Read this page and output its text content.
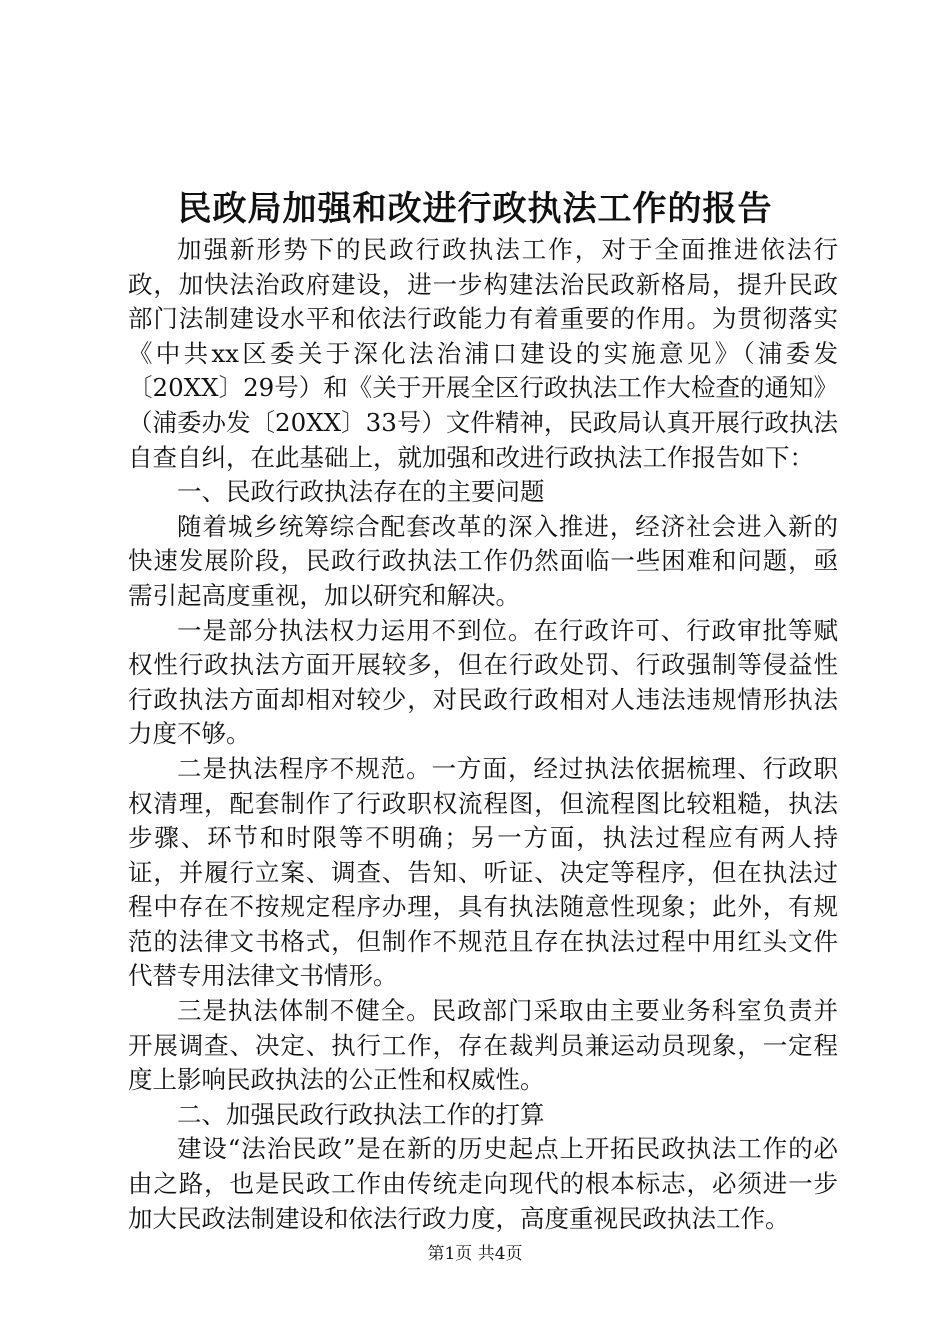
民政局加强和改进行政执法工作的报告

加强新形势下的民政行政执法工作，对于全面推进依法行政，加快法治政府建设，进一步构建法治民政新格局，提升民政部门法制建设水平和依法行政能力有着重要的作用。为贯彻落实《中共xx区委关于深化法治浦口建设的实施意见》（浦委发〔20XX〕29号）和《关于开展全区行政执法工作大检查的通知》（浦委办发〔20XX〕33号）文件精神，民政局认真开展行政执法自查自纠，在此基础上，就加强和改进行政执法工作报告如下：

一、民政行政执法存在的主要问题

随着城乡统筹综合配套改革的深入推进，经济社会进入新的快速发展阶段，民政行政执法工作仍然面临一些困难和问题，亟需引起高度重视，加以研究和解决。

一是部分执法权力运用不到位。在行政许可、行政审批等赋权性行政执法方面开展较多，但在行政处罚、行政强制等侵益性行政执法方面却相对较少，对民政行政相对人违法违规情形执法力度不够。

二是执法程序不规范。一方面，经过执法依据梳理、行政职权清理，配套制作了行政职权流程图，但流程图比较粗糙，执法步骤、环节和时限等不明确；另一方面，执法过程应有两人持证，并履行立案、调查、告知、听证、决定等程序，但在执法过程中存在不按规定程序办理，具有执法随意性现象；此外，有规范的法律文书格式，但制作不规范且存在执法过程中用红头文件代替专用法律文书情形。

三是执法体制不健全。民政部门采取由主要业务科室负责并开展调查、决定、执行工作，存在裁判员兼运动员现象，一定程度上影响民政执法的公正性和权威性。

二、加强民政行政执法工作的打算

建设“法治民政”是在新的历史起点上开拓民政执法工作的必由之路，也是民政工作由传统走向现代的根本标志，必须进一步加大民政法制建设和依法行政力度，高度重视民政执法工作。

第1页 共4页
